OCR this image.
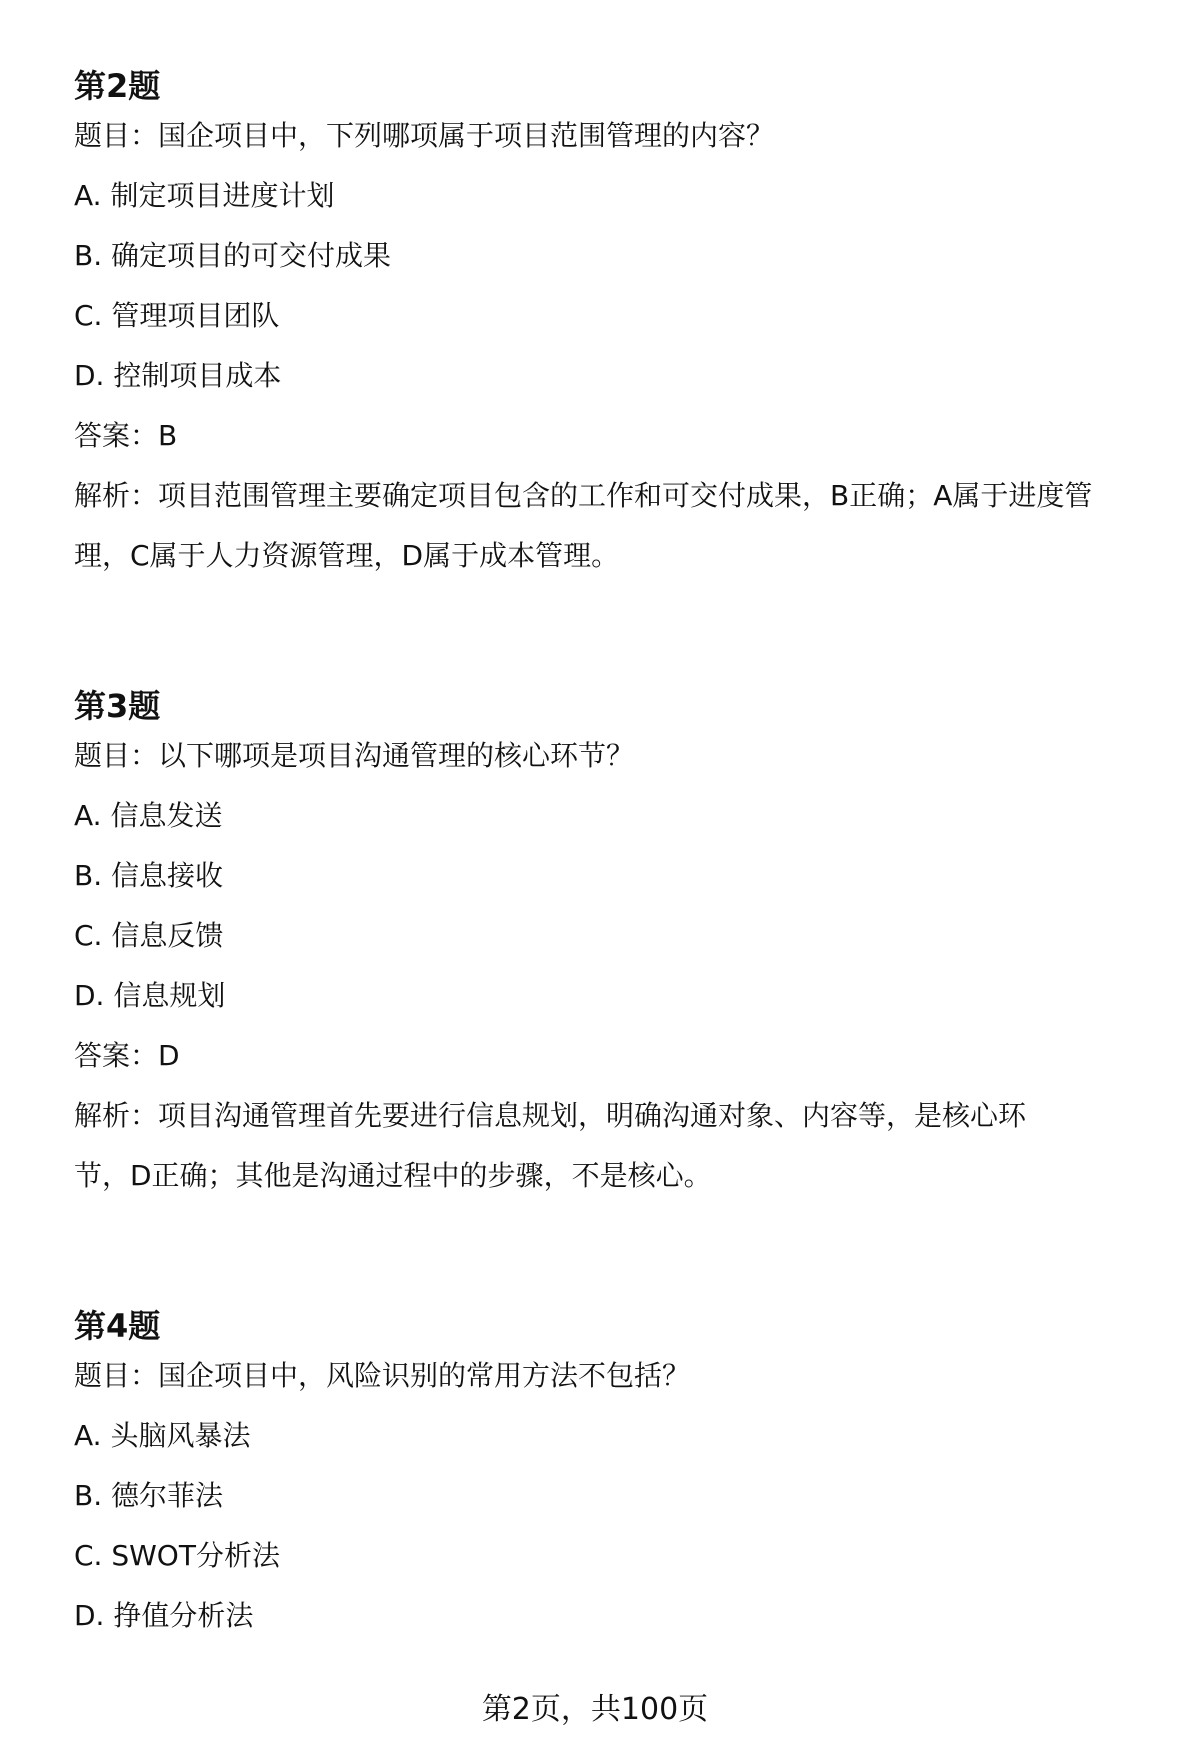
第2题
题目：国企项目中，下列哪项属于项目范围管理的内容？
A. 制定项目进度计划
B. 确定项目的可交付成果
C. 管理项目团队
D. 控制项目成本
答案：B
解析：项目范围管理主要确定项目包含的工作和可交付成果，B正确；A属于进度管
理，C属于人力资源管理，D属于成本管理。
第3题
题目：以下哪项是项目沟通管理的核心环节？
A. 信息发送
B. 信息接收
C. 信息反馈
D. 信息规划
答案：D
解析：项目沟通管理首先要进行信息规划，明确沟通对象、内容等，是核心环
节，D正确；其他是沟通过程中的步骤，不是核心。
第4题
题目：国企项目中，风险识别的常用方法不包括？
A. 头脑风暴法
B. 德尔菲法
C. SWOT分析法
D. 挣值分析法
第2页，共100页
